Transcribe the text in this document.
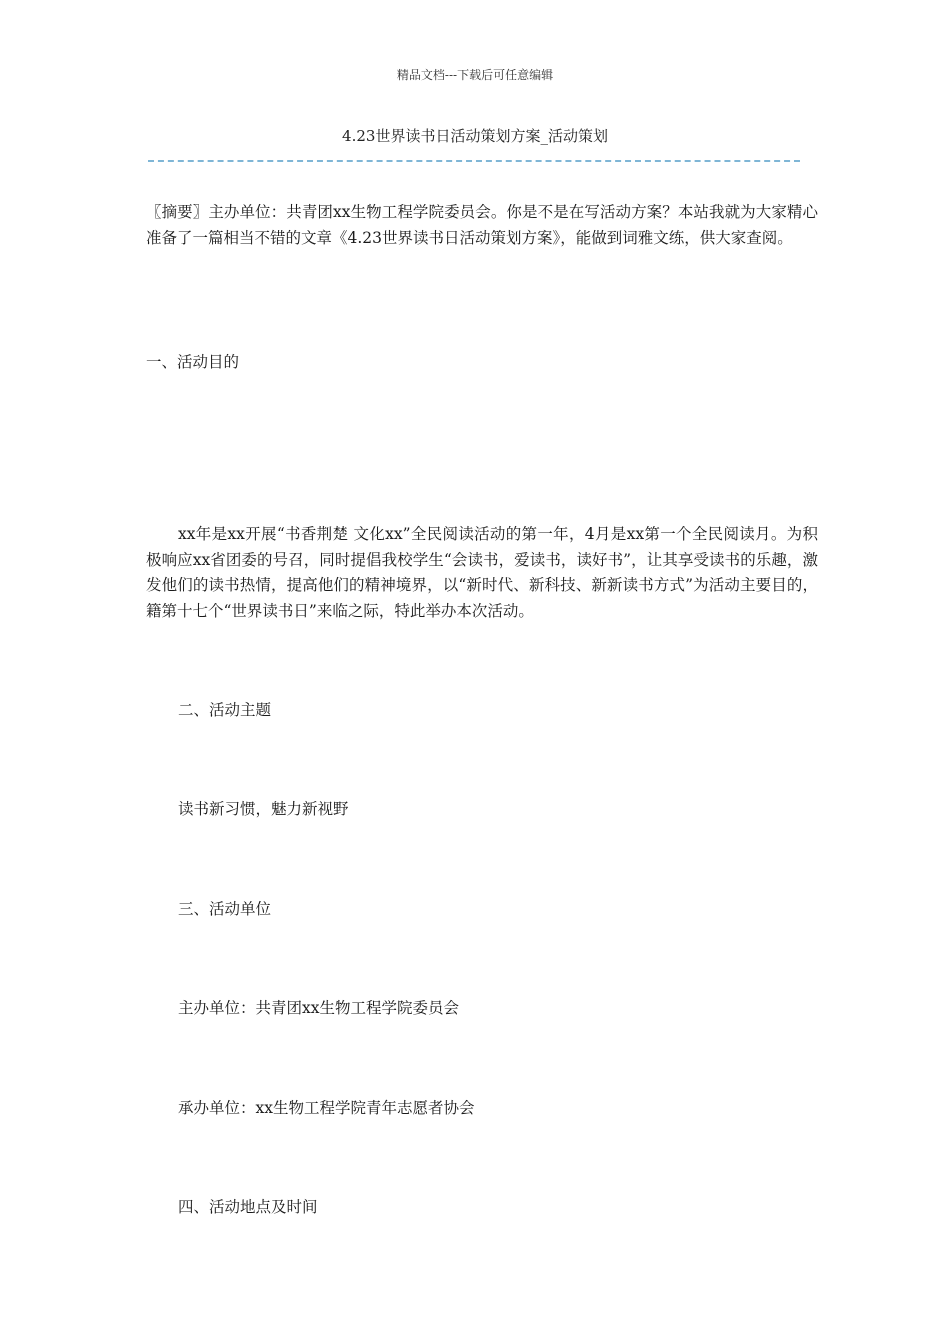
精品文档---下载后可任意编辑
4.23世界读书日活动策划方案_活动策划

〖摘要〗主办单位：共青团xx生物工程学院委员会。你是不是在写活动方案？本站我就为大家精心准备了一篇相当不错的文章《4.23世界读书日活动策划方案》，能做到词雅文练，供大家查阅。

一、活动目的

xx年是xx开展“书香荆楚 文化xx”全民阅读活动的第一年，4月是xx第一个全民阅读月。为积极响应xx省团委的号召，同时提倡我校学生“会读书，爱读书，读好书”，让其享受读书的乐趣，激发他们的读书热情，提高他们的精神境界，以“新时代、新科技、新新读书方式”为活动主要目的，籍第十七个“世界读书日”来临之际，特此举办本次活动。

二、活动主题

读书新习惯，魅力新视野

三、活动单位

主办单位：共青团xx生物工程学院委员会

承办单位：xx生物工程学院青年志愿者协会

四、活动地点及时间
